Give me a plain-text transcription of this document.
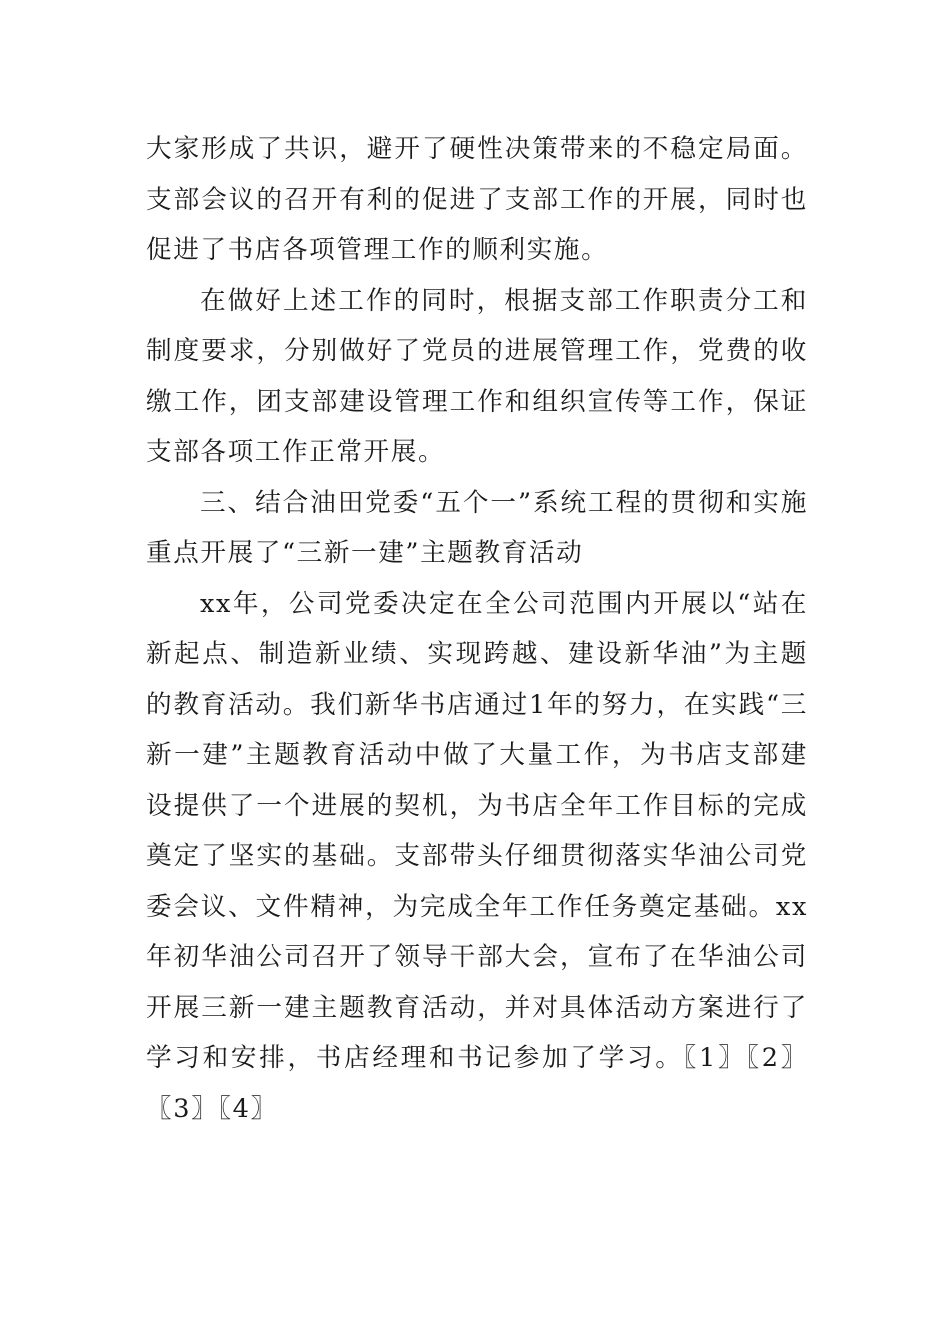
大家形成了共识，避开了硬性决策带来的不稳定局面。支部会议的召开有利的促进了支部工作的开展，同时也促进了书店各项管理工作的顺利实施。

在做好上述工作的同时，根据支部工作职责分工和制度要求，分别做好了党员的进展管理工作，党费的收缴工作，团支部建设管理工作和组织宣传等工作，保证支部各项工作正常开展。

三、结合油田党委“五个一”系统工程的贯彻和实施重点开展了“三新一建”主题教育活动

xx年，公司党委决定在全公司范围内开展以“站在新起点、制造新业绩、实现跨越、建设新华油”为主题的教育活动。我们新华书店通过1年的努力，在实践“三新一建”主题教育活动中做了大量工作，为书店支部建设提供了一个进展的契机，为书店全年工作目标的完成奠定了坚实的基础。支部带头仔细贯彻落实华油公司党委会议、文件精神，为完成全年工作任务奠定基础。xx年初华油公司召开了领导干部大会，宣布了在华油公司开展三新一建主题教育活动，并对具体活动方案进行了学习和安排，书店经理和书记参加了学习。〖1〗〖2〗〖3〗〖4〗
